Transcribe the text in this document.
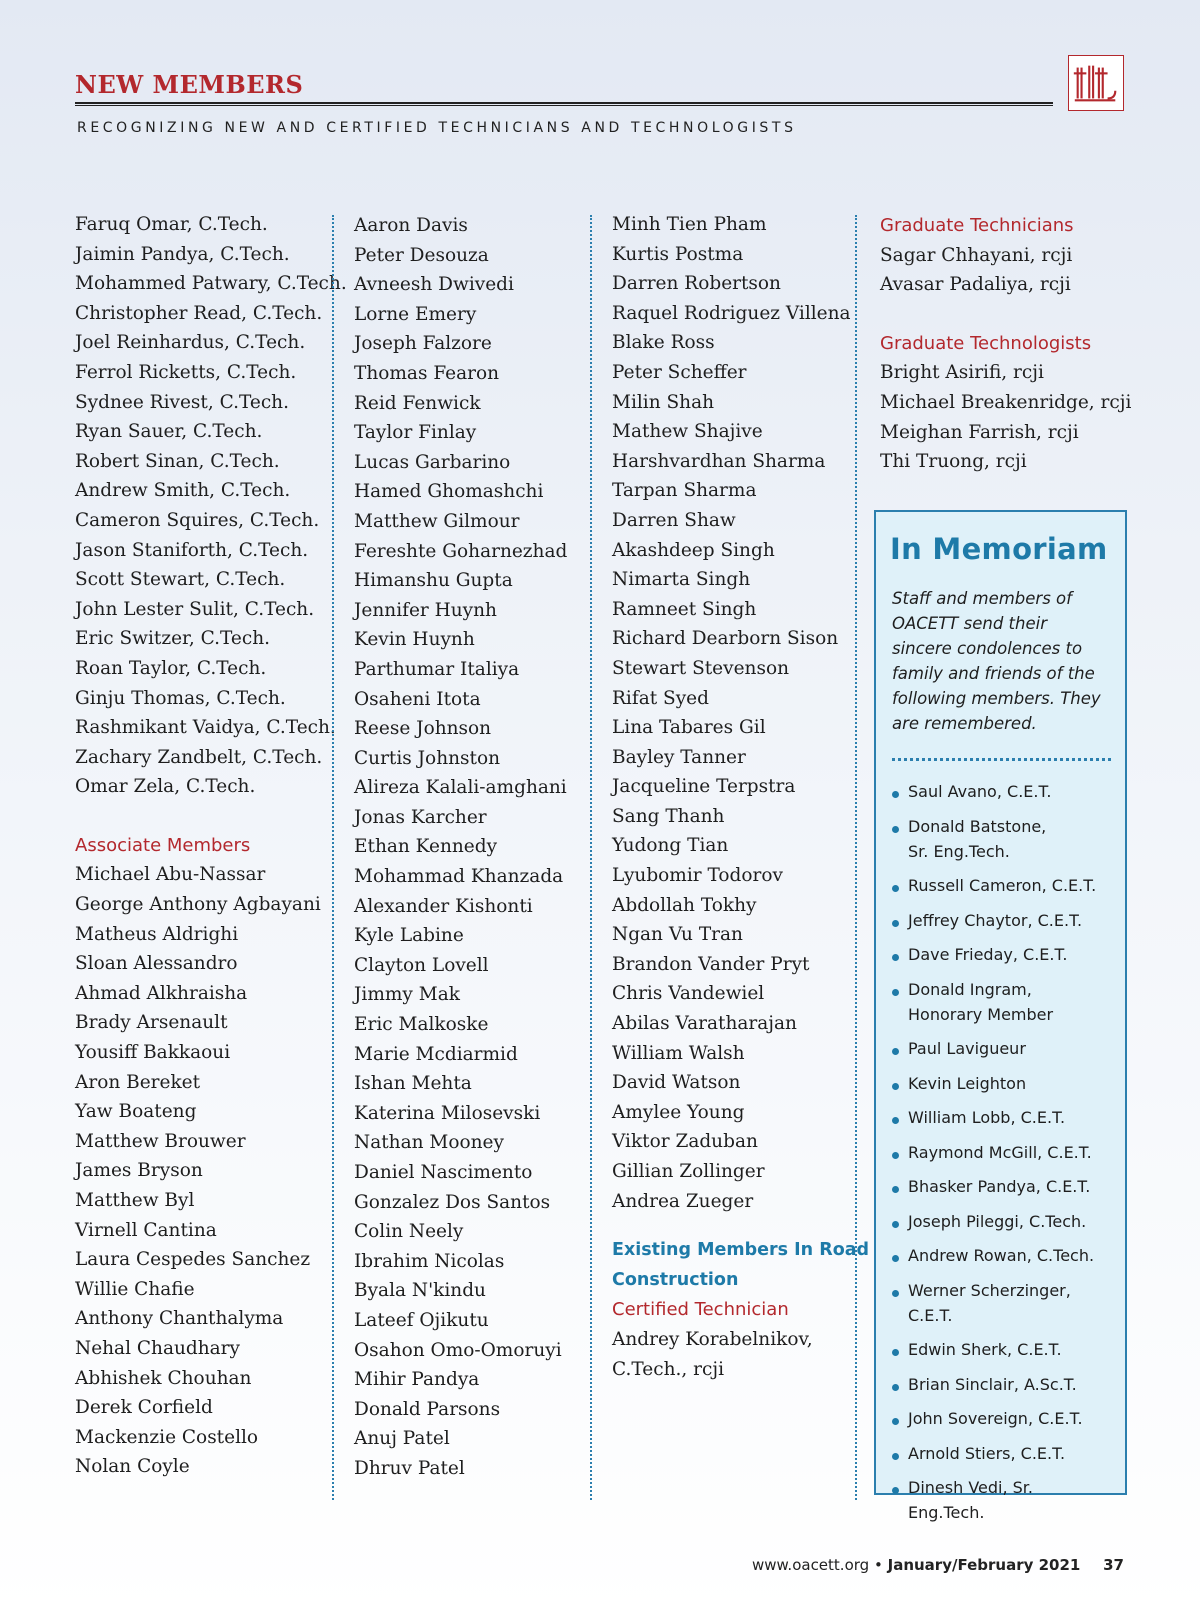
NEW MEMBERS
RECOGNIZING NEW AND CERTIFIED TECHNICIANS AND TECHNOLOGISTS
Faruq Omar, C.Tech.
Jaimin Pandya, C.Tech.
Mohammed Patwary, C.Tech.
Christopher Read, C.Tech.
Joel Reinhardus, C.Tech.
Ferrol Ricketts, C.Tech.
Sydnee Rivest, C.Tech.
Ryan Sauer, C.Tech.
Robert Sinan, C.Tech.
Andrew Smith, C.Tech.
Cameron Squires, C.Tech.
Jason Staniforth, C.Tech.
Scott Stewart, C.Tech.
John Lester Sulit, C.Tech.
Eric Switzer, C.Tech.
Roan Taylor, C.Tech.
Ginju Thomas, C.Tech.
Rashmikant Vaidya, C.Tech.
Zachary Zandbelt, C.Tech.
Omar Zela, C.Tech.
Associate Members
Michael Abu-Nassar
George Anthony Agbayani
Matheus Aldrighi
Sloan Alessandro
Ahmad Alkhraisha
Brady Arsenault
Yousiff Bakkaoui
Aron Bereket
Yaw Boateng
Matthew Brouwer
James Bryson
Matthew Byl
Virnell Cantina
Laura Cespedes Sanchez
Willie Chafie
Anthony Chanthalyma
Nehal Chaudhary
Abhishek Chouhan
Derek Corfield
Mackenzie Costello
Nolan Coyle
Aaron Davis
Peter Desouza
Avneesh Dwivedi
Lorne Emery
Joseph Falzore
Thomas Fearon
Reid Fenwick
Taylor Finlay
Lucas Garbarino
Hamed Ghomashchi
Matthew Gilmour
Fereshte Goharnezhad
Himanshu Gupta
Jennifer Huynh
Kevin Huynh
Parthumar Italiya
Osaheni Itota
Reese Johnson
Curtis Johnston
Alireza Kalali-amghani
Jonas Karcher
Ethan Kennedy
Mohammad Khanzada
Alexander Kishonti
Kyle Labine
Clayton Lovell
Jimmy Mak
Eric Malkoske
Marie Mcdiarmid
Ishan Mehta
Katerina Milosevski
Nathan Mooney
Daniel Nascimento
Gonzalez Dos Santos
Colin Neely
Ibrahim Nicolas
Byala N'kindu
Lateef Ojikutu
Osahon Omo-Omoruyi
Mihir Pandya
Donald Parsons
Anuj Patel
Dhruv Patel
Minh Tien Pham
Kurtis Postma
Darren Robertson
Raquel Rodriguez Villena
Blake Ross
Peter Scheffer
Milin Shah
Mathew Shajive
Harshvardhan Sharma
Tarpan Sharma
Darren Shaw
Akashdeep Singh
Nimarta Singh
Ramneet Singh
Richard Dearborn Sison
Stewart Stevenson
Rifat Syed
Lina Tabares Gil
Bayley Tanner
Jacqueline Terpstra
Sang Thanh
Yudong Tian
Lyubomir Todorov
Abdollah Tokhy
Ngan Vu Tran
Brandon Vander Pryt
Chris Vandewiel
Abilas Varatharajan
William Walsh
David Watson
Amylee Young
Viktor Zaduban
Gillian Zollinger
Andrea Zueger
Existing Members In Road
Construction
Certified Technician
Andrey Korabelnikov,
C.Tech., rcji
Graduate Technicians
Sagar Chhayani, rcji
Avasar Padaliya, rcji
Graduate Technologists
Bright Asirifi, rcji
Michael Breakenridge, rcji
Meighan Farrish, rcji
Thi Truong, rcji
In Memoriam
Staff and members of OACETT send their sincere condolences to family and friends of the following members. They are remembered.
Saul Avano, C.E.T.
Donald Batstone,
Sr. Eng.Tech.
Russell Cameron, C.E.T.
Jeffrey Chaytor, C.E.T.
Dave Friеday, C.E.T.
Donald Ingram,
Honorary Member
Paul Lavigueur
Kevin Leighton
William Lobb, C.E.T.
Raymond McGill, C.E.T.
Bhasker Pandya, C.E.T.
Joseph Pileggi, C.Tech.
Andrew Rowan, C.Tech.
Werner Scherzinger, C.E.T.
Edwin Sherk, C.E.T.
Brian Sinclair, A.Sc.T.
John Sovereign, C.E.T.
Arnold Stiers, C.E.T.
Dinesh Vedi, Sr. Eng.Tech.
www.oacett.org • January/February 2021 37
